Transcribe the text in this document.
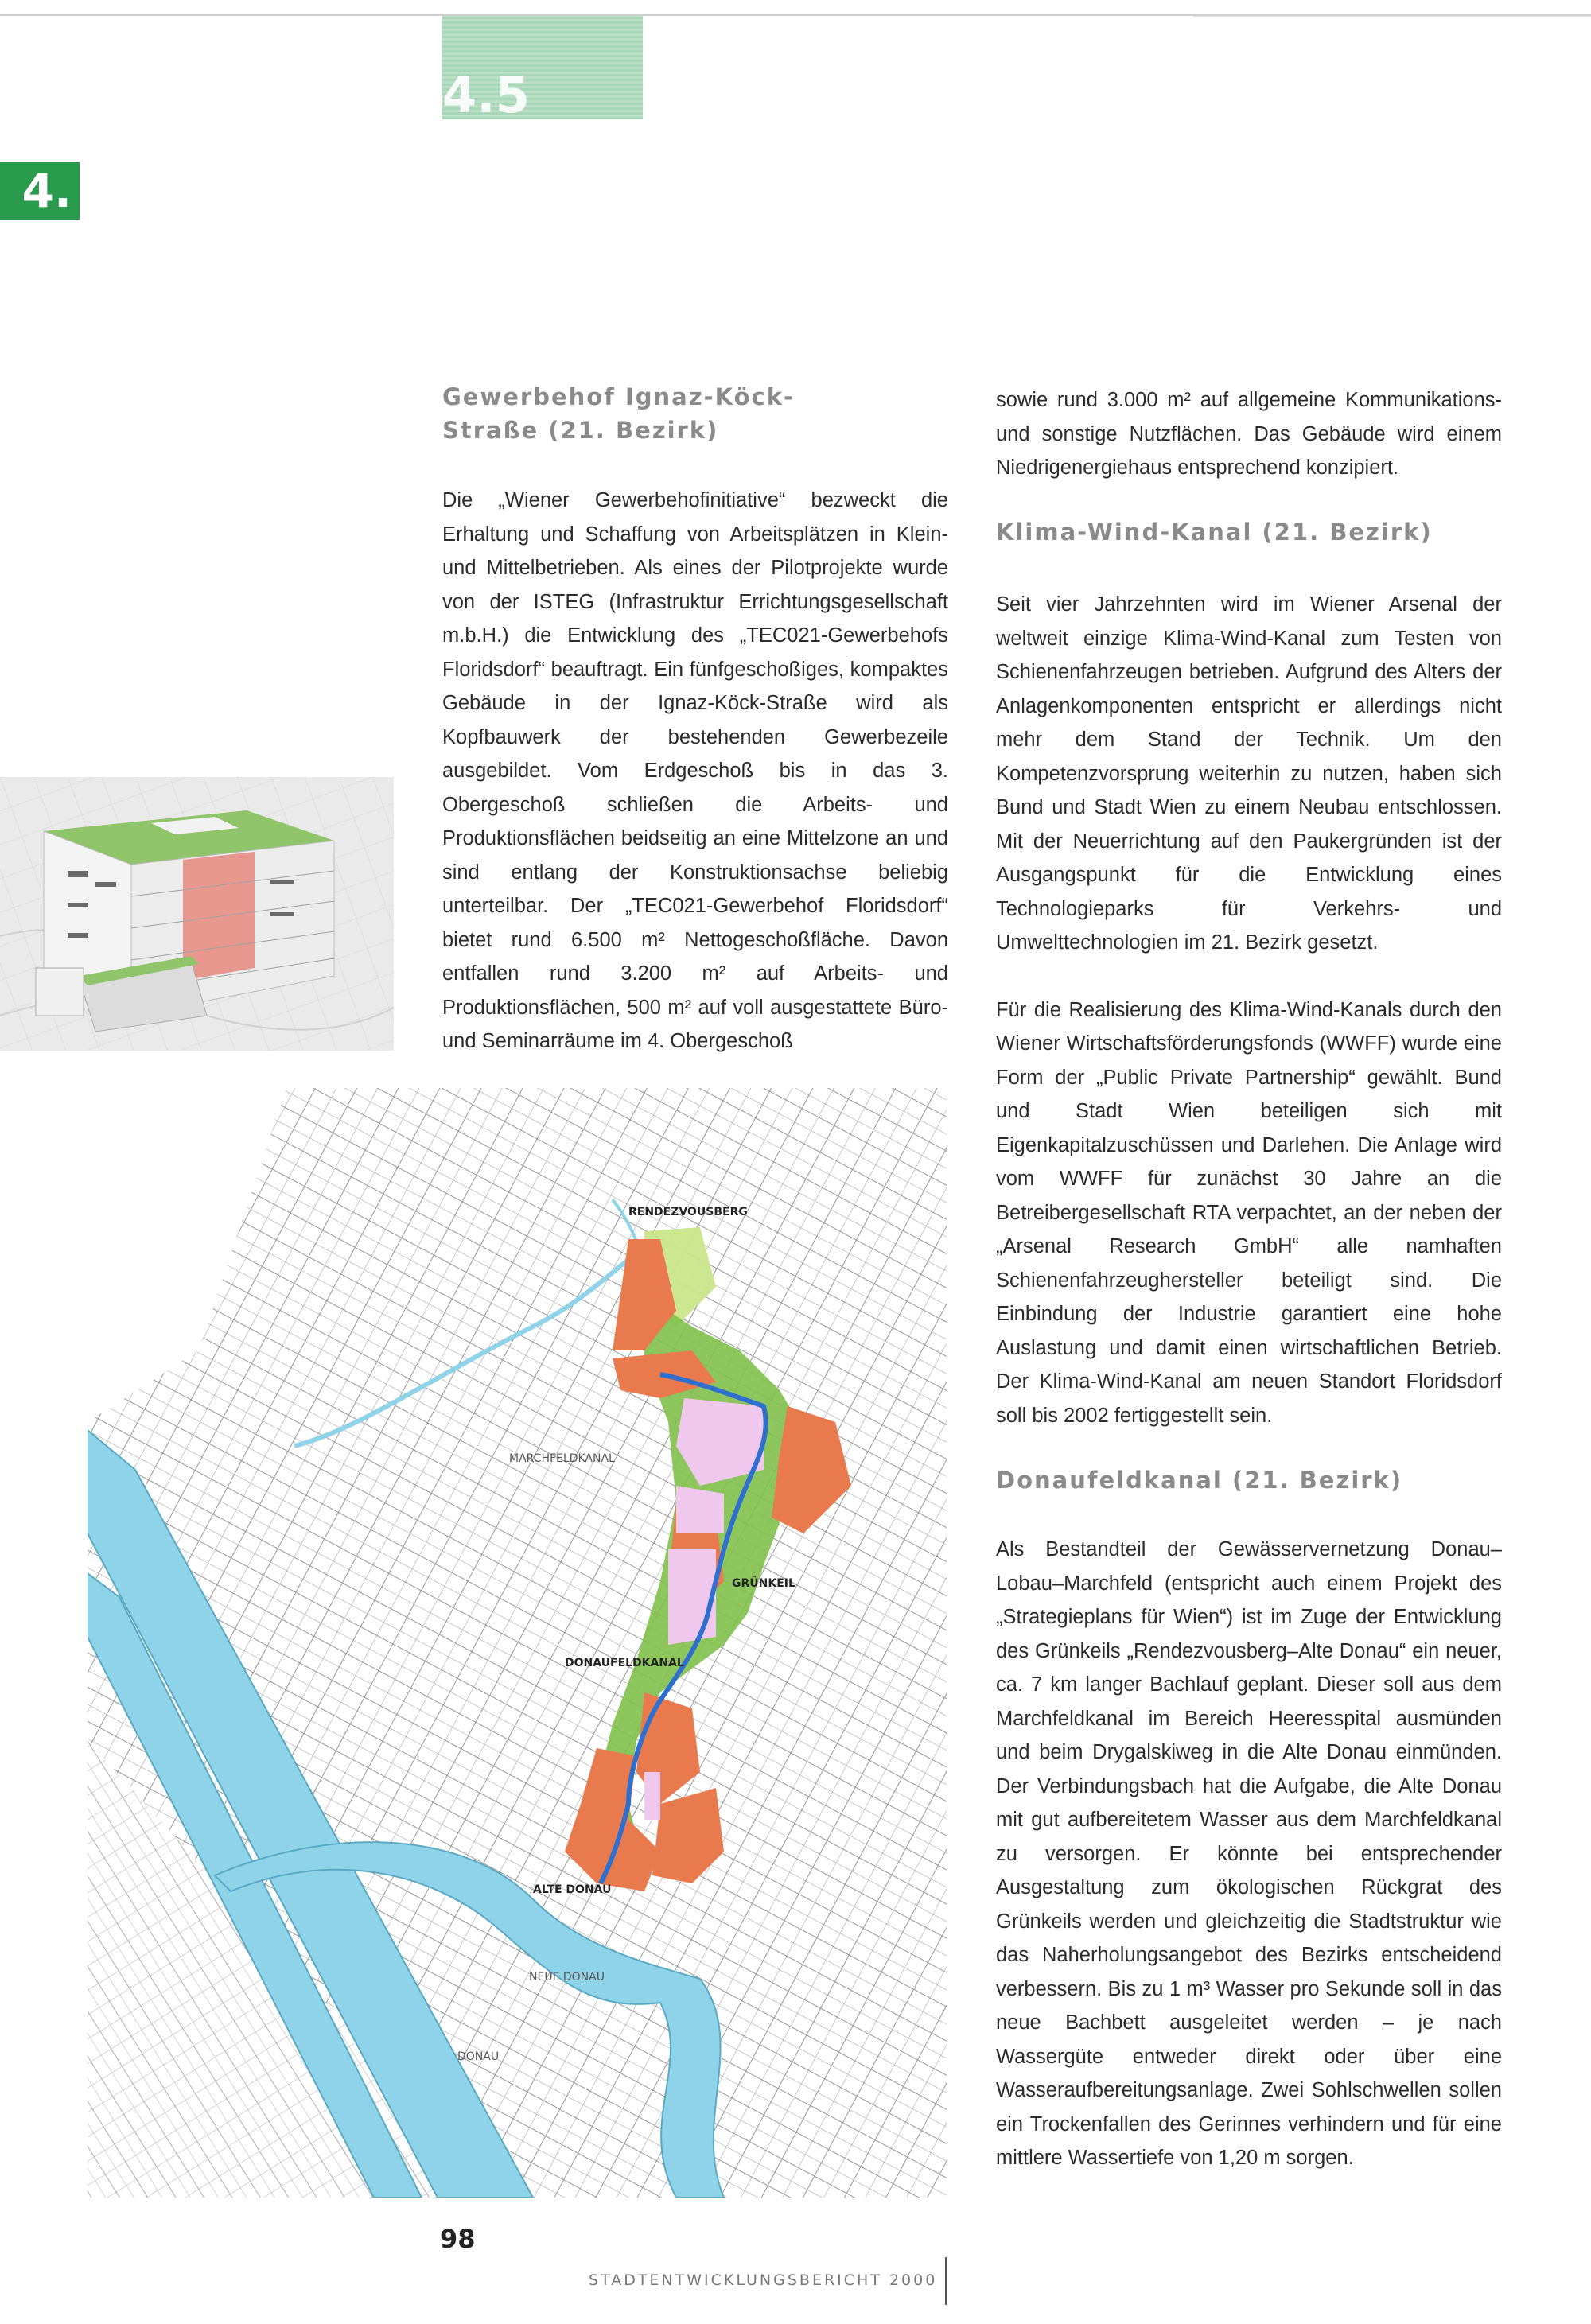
4.5
4.
Gewerbehof Ignaz-Köck-Straße (21. Bezirk)

Die „Wiener Gewerbehofinitiative“ bezweckt die Erhaltung und Schaffung von Arbeitsplätzen in Klein- und Mittelbetrieben. Als eines der Pilotprojekte wurde von der ISTEG (Infrastruktur Errichtungsgesellschaft m.b.H.) die Entwicklung des „TEC021-Gewerbehofs Floridsdorf“ beauftragt. Ein fünfgeschoßiges, kompaktes Gebäude in der Ignaz-Köck-Straße wird als Kopfbauwerk der bestehenden Gewerbezeile ausgebildet. Vom Erdgeschoß bis in das 3. Obergeschoß schließen die Arbeits- und Produktionsflächen beidseitig an eine Mittelzone an und sind entlang der Konstruktionsachse beliebig unterteilbar. Der „TEC021-Gewerbehof Floridsdorf“ bietet rund 6.500 m² Nettogeschoßfläche. Davon entfallen rund 3.200 m² auf Arbeits- und Produktionsflächen, 500 m² auf voll ausgestattete Büro- und Seminarräume im 4. Obergeschoß

sowie rund 3.000 m² auf allgemeine Kommunikations- und sonstige Nutzflächen. Das Gebäude wird einem Niedrigenergiehaus entsprechend konzipiert.

Klima-Wind-Kanal (21. Bezirk)

Seit vier Jahrzehnten wird im Wiener Arsenal der weltweit einzige Klima-Wind-Kanal zum Testen von Schienenfahrzeugen betrieben. Aufgrund des Alters der Anlagenkomponenten entspricht er allerdings nicht mehr dem Stand der Technik. Um den Kompetenzvorsprung weiterhin zu nutzen, haben sich Bund und Stadt Wien zu einem Neubau entschlossen. Mit der Neuerrichtung auf den Paukergründen ist der Ausgangspunkt für die Entwicklung eines Technologieparks für Verkehrs- und Umwelttechnologien im 21. Bezirk gesetzt.

Für die Realisierung des Klima-Wind-Kanals durch den Wiener Wirtschaftsförderungsfonds (WWFF) wurde eine Form der „Public Private Partnership“ gewählt. Bund und Stadt Wien beteiligen sich mit Eigenkapitalzuschüssen und Darlehen. Die Anlage wird vom WWFF für zunächst 30 Jahre an die Betreibergesellschaft RTA verpachtet, an der neben der „Arsenal Research GmbH“ alle namhaften Schienenfahrzeughersteller beteiligt sind. Die Einbindung der Industrie garantiert eine hohe Auslastung und damit einen wirtschaftlichen Betrieb. Der Klima-Wind-Kanal am neuen Standort Floridsdorf soll bis 2002 fertiggestellt sein.

Donaufeldkanal (21. Bezirk)

Als Bestandteil der Gewässervernetzung Donau–Lobau–Marchfeld (entspricht auch einem Projekt des „Strategieplans für Wien“) ist im Zuge der Entwicklung des Grünkeils „Rendezvousberg–Alte Donau“ ein neuer, ca. 7 km langer Bachlauf geplant. Dieser soll aus dem Marchfeldkanal im Bereich Heeresspital ausmünden und beim Drygalskiweg in die Alte Donau einmünden. Der Verbindungsbach hat die Aufgabe, die Alte Donau mit gut aufbereitetem Wasser aus dem Marchfeldkanal zu versorgen. Er könnte bei entsprechender Ausgestaltung zum ökologischen Rückgrat des Grünkeils werden und gleichzeitig die Stadtstruktur wie das Naherholungsangebot des Bezirks entscheidend verbessern. Bis zu 1 m³ Wasser pro Sekunde soll in das neue Bachbett ausgeleitet werden – je nach Wassergüte entweder direkt oder über eine Wasseraufbereitungsanlage. Zwei Sohlschwellen sollen ein Trockenfallen des Gerinnes verhindern und für eine mittlere Wassertiefe von 1,20 m sorgen.

RENDEZVOUSBERG
MARCHFELDKANAL
GRÜNKEIL
DONAUFELDKANAL
ALTE DONAU
NEUE DONAU
DONAU
98
STADTENTWICKLUNGSBERICHT 2000
